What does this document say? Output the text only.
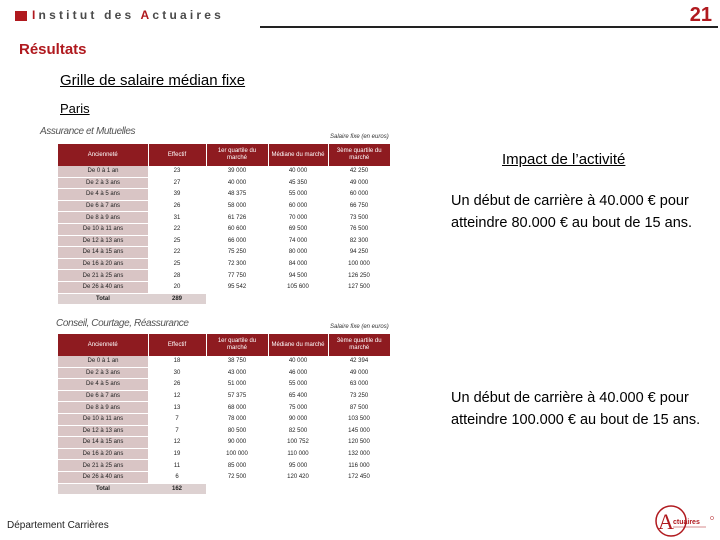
Institut des Actuaires	21
Résultats
Grille de salaire médian fixe
Paris
Assurance et Mutuelles	Salaire fixe (en euros)
Ancienneté	Effectif	1er quartile du marché	Médiane du marché	3ème quartile du marché
De 0 à 1 an	23	39 000	40 000	42 250
De 2 à 3 ans	27	40 000	45 350	49 000
De 4 à 5 ans	39	48 375	55 000	60 000
De 6 à 7 ans	26	58 000	60 000	66 750
De 8 à 9 ans	31	61 726	70 000	73 500
De 10 à 11 ans	22	60 600	69 500	76 500
De 12 à 13 ans	25	66 000	74 000	82 300
De 14 à 15 ans	22	75 250	80 000	94 250
De 16 à 20 ans	25	72 300	84 000	100 000
De 21 à 25 ans	28	77 750	94 500	126 250
De 26 à 40 ans	20	95 542	105 600	127 500
Total	289			
Conseil, Courtage, Réassurance	Salaire fixe (en euros)
Ancienneté	Effectif	1er quartile du marché	Médiane du marché	3ème quartile du marché
De 0 à 1 an	18	38 750	40 000	42 394
De 2 à 3 ans	30	43 000	46 000	49 000
De 4 à 5 ans	26	51 000	55 000	63 000
De 6 à 7 ans	12	57 375	65 400	73 250
De 8 à 9 ans	13	68 000	75 000	87 500
De 10 à 11 ans	7	78 000	90 000	103 500
De 12 à 13 ans	7	80 500	82 500	145 000
De 14 à 15 ans	12	90 000	100 752	120 500
De 16 à 20 ans	19	100 000	110 000	132 000
De 21 à 25 ans	11	85 000	95 000	116 000
De 26 à 40 ans	6	72 500	120 420	172 450
Total	162			
Impact de l’activité
Un début de carrière à 40.000 € pour atteindre 80.000 € au bout de 15 ans.
Un début de carrière à 40.000 € pour atteindre 100.000 € au bout de 15 ans.
Département Carrières	A ctuaires
